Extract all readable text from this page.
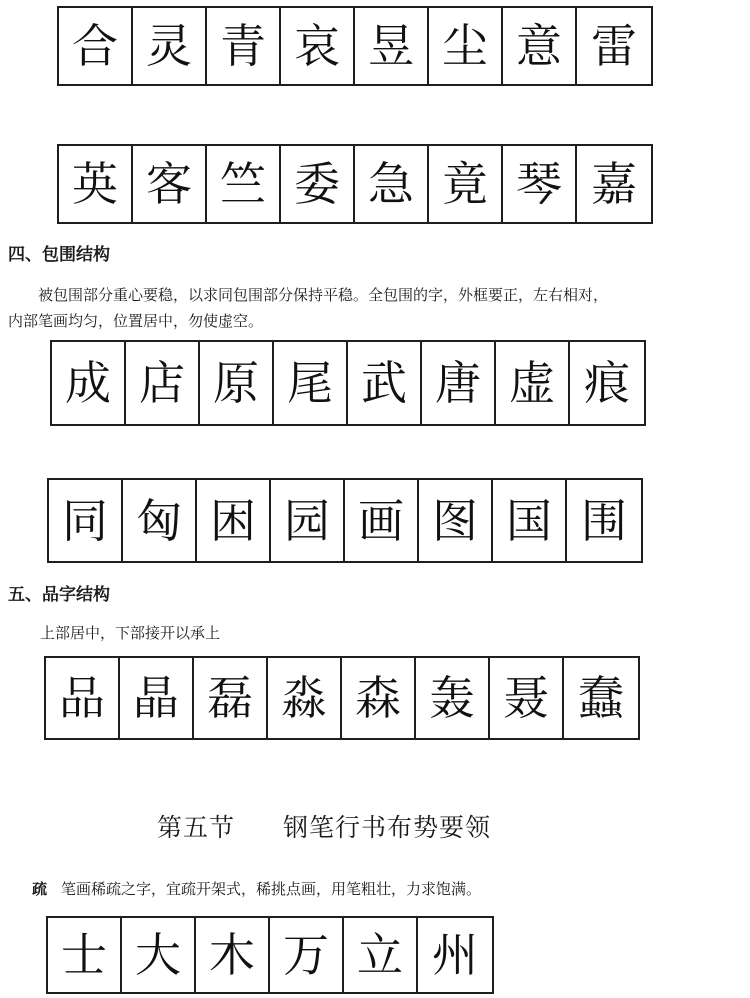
合 灵 青 哀 昱 尘 意 雷
英 客 竺 委 急 竟 琴 嘉
四、包围结构

被包围部分重心要稳，以求同包围部分保持平稳。全包围的字，外框要正，左右相对，
内部笔画均匀，位置居中，勿使虚空。

成 店 原 尾 武 唐 虚 痕
同 匈 困 园 画 图 国 围
五、品字结构

上部居中，下部接开以承上

品 晶 磊 淼 森 轰 聂 蠢
第五节 钢笔行书布势要领

疏 笔画稀疏之字，宜疏开架式，稀挑点画，用笔粗壮，力求饱满。

士 大 木 万 立 州
